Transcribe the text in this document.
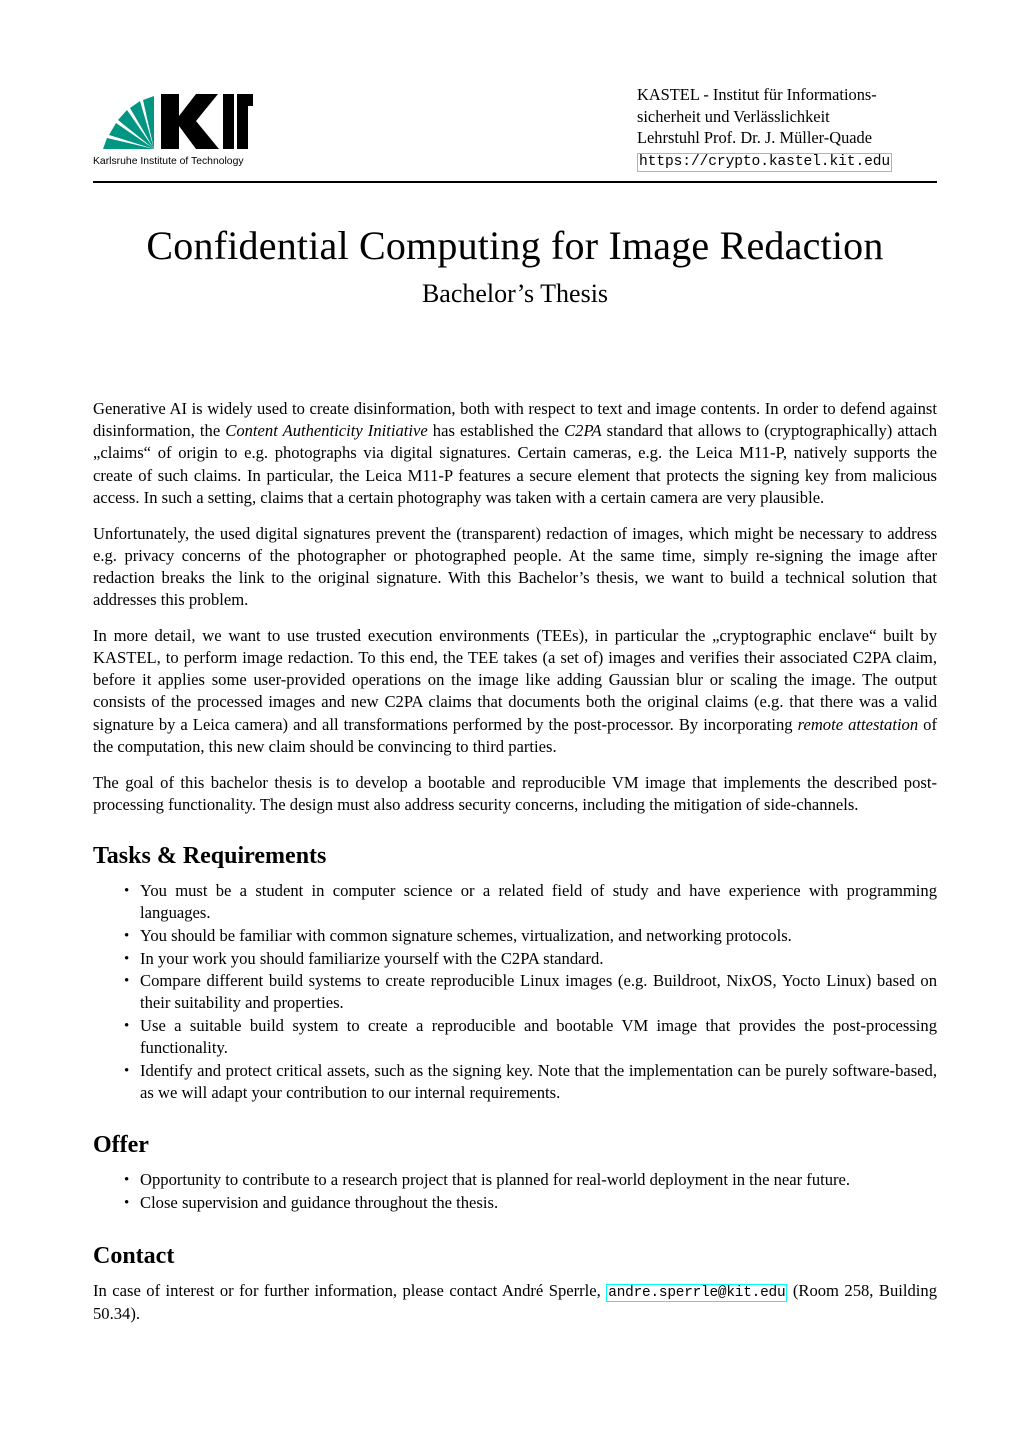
Karlsruhe Institute of Technology
KASTEL - Institut für Informations-
sicherheit und Verlässlichkeit
Lehrstuhl Prof. Dr. J. Müller-Quade
https://crypto.kastel.kit.edu
Confidential Computing for Image Redaction
Bachelor’s Thesis

Generative AI is widely used to create disinformation, both with respect to text and image contents. In order to defend against disinformation, the Content Authenticity Initiative has established the C2PA standard that allows to (cryptographically) attach „claims“ of origin to e.g. photographs via digital signatures. Certain cameras, e.g. the Leica M11-P, natively supports the create of such claims. In particular, the Leica M11-P features a secure element that protects the signing key from malicious access. In such a setting, claims that a certain photography was taken with a certain camera are very plausible.

Unfortunately, the used digital signatures prevent the (transparent) redaction of images, which might be necessary to address e.g. privacy concerns of the photographer or photographed people. At the same time, simply re-signing the image after redaction breaks the link to the original signature. With this Bachelor’s thesis, we want to build a technical solution that addresses this problem.

In more detail, we want to use trusted execution environments (TEEs), in particular the „cryptographic enclave“ built by KASTEL, to perform image redaction. To this end, the TEE takes (a set of) images and verifies their associated C2PA claim, before it applies some user-provided operations on the image like adding Gaussian blur or scaling the image. The output consists of the processed images and new C2PA claims that documents both the original claims (e.g. that there was a valid signature by a Leica camera) and all transformations performed by the post-processor. By incorporating remote attestation of the computation, this new claim should be convincing to third parties.

The goal of this bachelor thesis is to develop a bootable and reproducible VM image that implements the described post-processing functionality. The design must also address security concerns, including the mitigation of side-channels.

Tasks & Requirements
• You must be a student in computer science or a related field of study and have experience with programming languages.
• You should be familiar with common signature schemes, virtualization, and networking protocols.
• In your work you should familiarize yourself with the C2PA standard.
• Compare different build systems to create reproducible Linux images (e.g. Buildroot, NixOS, Yocto Linux) based on their suitability and properties.
• Use a suitable build system to create a reproducible and bootable VM image that provides the post-processing functionality.
• Identify and protect critical assets, such as the signing key. Note that the implementation can be purely software-based, as we will adapt your contribution to our internal requirements.
Offer
• Opportunity to contribute to a research project that is planned for real-world deployment in the near future.
• Close supervision and guidance throughout the thesis.
Contact

In case of interest or for further information, please contact André Sperrle, andre.sperrle@kit.edu (Room 258, Building 50.34).
